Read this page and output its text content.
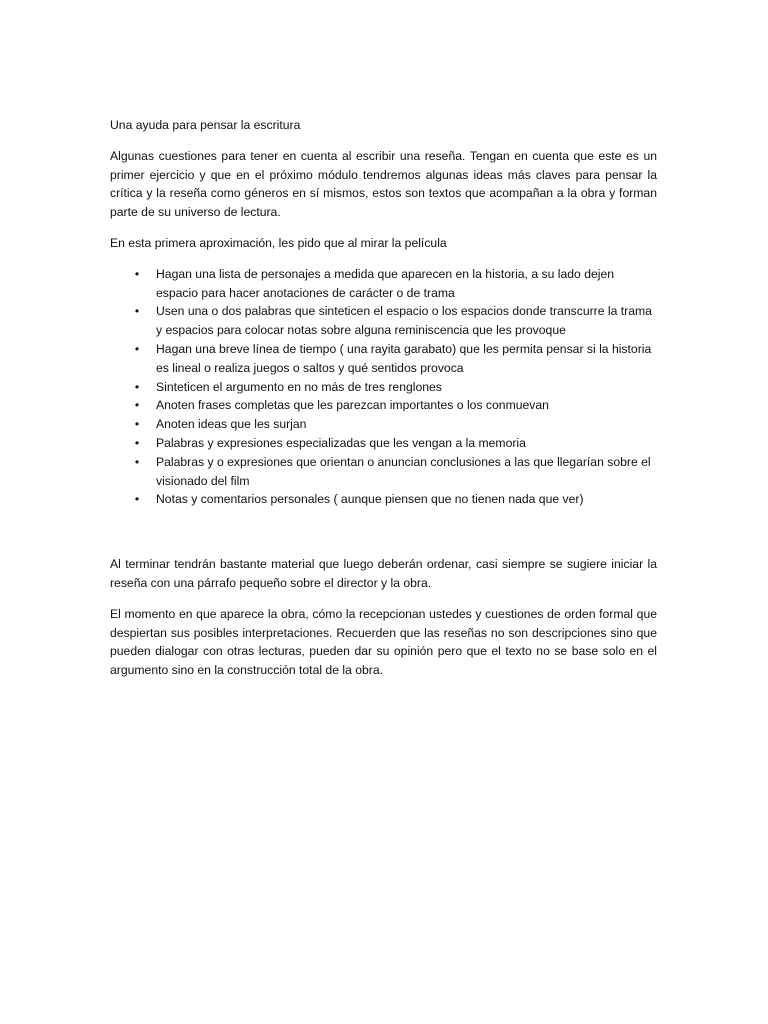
Una ayuda para pensar la escritura

Algunas cuestiones para tener en cuenta al escribir una reseña. Tengan en cuenta que este es un primer ejercicio y que en el próximo módulo tendremos algunas ideas más claves para pensar la crítica y la reseña como géneros en sí mismos, estos son textos que acompañan a la obra y forman parte de su universo de lectura.

En esta primera aproximación, les pido que al mirar la película

•	Hagan una lista de personajes a medida que aparecen en la historia, a su lado dejen espacio para hacer anotaciones de carácter o de trama
•	Usen una o dos palabras que sinteticen el espacio o los espacios donde transcurre la trama y espacios para colocar notas sobre alguna reminiscencia que les provoque
•	Hagan una breve línea de tiempo ( una rayita garabato) que les permita pensar si la historia es lineal o realiza juegos o saltos y qué sentidos provoca
•	Sinteticen el argumento en no más de tres renglones
•	Anoten frases completas que les parezcan importantes o los conmuevan
•	Anoten ideas que les surjan
•	Palabras y expresiones especializadas que les vengan a la memoria
•	Palabras y o expresiones que orientan o anuncian conclusiones a las que llegarían sobre el visionado del film
•	Notas y comentarios personales ( aunque piensen que no tienen nada que ver)

Al terminar tendrán bastante material que luego deberán ordenar, casi siempre se sugiere iniciar la reseña con una párrafo pequeño sobre el director y la obra.

El momento en que aparece la obra, cómo la recepcionan ustedes y cuestiones de orden formal que despiertan sus posibles interpretaciones. Recuerden que las reseñas no son descripciones sino que pueden dialogar con otras lecturas, pueden dar su opinión pero que el texto no se base solo en el argumento sino en la construcción total de la obra.
